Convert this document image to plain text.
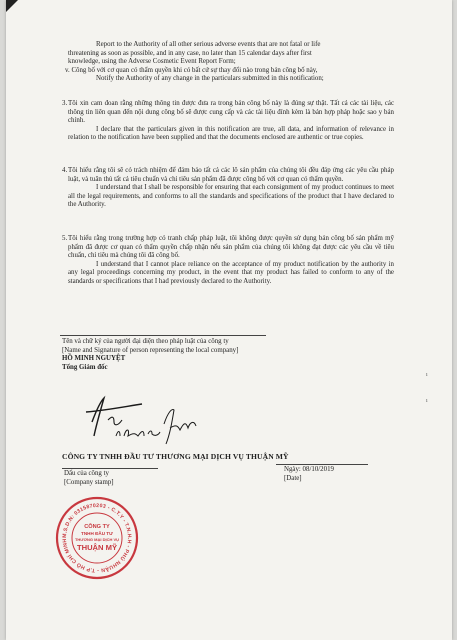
Report to the Authority of all other serious adverse events that are not fatal or life

threatening as soon as possible, and in any case, no later than 15 calendar days after first

knowledge, using the Adverse Cosmetic Event Report Form;

v. Công bố với cơ quan có thẩm quyền khi có bất cứ sự thay đổi nào trong bản công bố này,

Notify the Authority of any change in the particulars submitted in this notification;

3.Tôi xin cam đoan rằng những thông tin được đưa ra trong bản công bố này là đúng sự thật. Tất cả các tài liệu, các thông tin liên quan đến nội dung công bố sẽ được cung cấp và các tài liệu đính kèm là bản hợp pháp hoặc sao y bản chính.

I declare that the particulars given in this notification are true, all data, and information of relevance in relation to the notification have been supplied and that the documents enclosed are authentic or true copies.

4.Tôi hiểu rằng tôi sẽ có trách nhiệm để đảm bảo tất cả các lô sản phẩm của chúng tôi đều đáp ứng các yêu cầu pháp luật, và tuân thủ tất cả tiêu chuẩn và chỉ tiêu sản phẩm đã được công bố với cơ quan có thẩm quyền.

I understand that I shall be responsible for ensuring that each consignment of my product continues to meet all the legal requirements, and conforms to all the standards and specifications of the product that I have declared to the Authority.

5.Tôi hiểu rằng trong trường hợp có tranh chấp pháp luật, tôi không được quyền sử dụng bản công bố sản phẩm mỹ phẩm đã được cơ quan có thẩm quyền chấp nhận nếu sản phẩm của chúng tôi không đạt được các yêu cầu về tiêu chuẩn, chỉ tiêu mà chúng tôi đã công bố.

I understand that I cannot place reliance on the acceptance of my product notification by the authority in any legal proceedings concerning my product, in the event that my product has failed to conform to any of the standards or specifications that I had previously declared to the Authority.

Tên và chữ ký của người đại diện theo pháp luật của công ty

[Name and Signature of person representing the local company]

HỒ MINH NGUYỆT

Tổng Giám đốc

CÔNG TY TNHH ĐẦU TƯ THƯƠNG MẠI DỊCH VỤ THUẬN MỸ

Dấu của công ty

[Company stamp]

Ngày: 08/10/2019

[Date]

M.S.D.N: 0315870203 - C.T.Y - T.N.H.H - PHÚ NHUẬN - T.P HỒ CHÍ MINH
CÔNG TY
TNHH ĐẦU TƯ
THƯƠNG MẠI DỊCH VỤ
THUẬN MỸ
ı
ı
